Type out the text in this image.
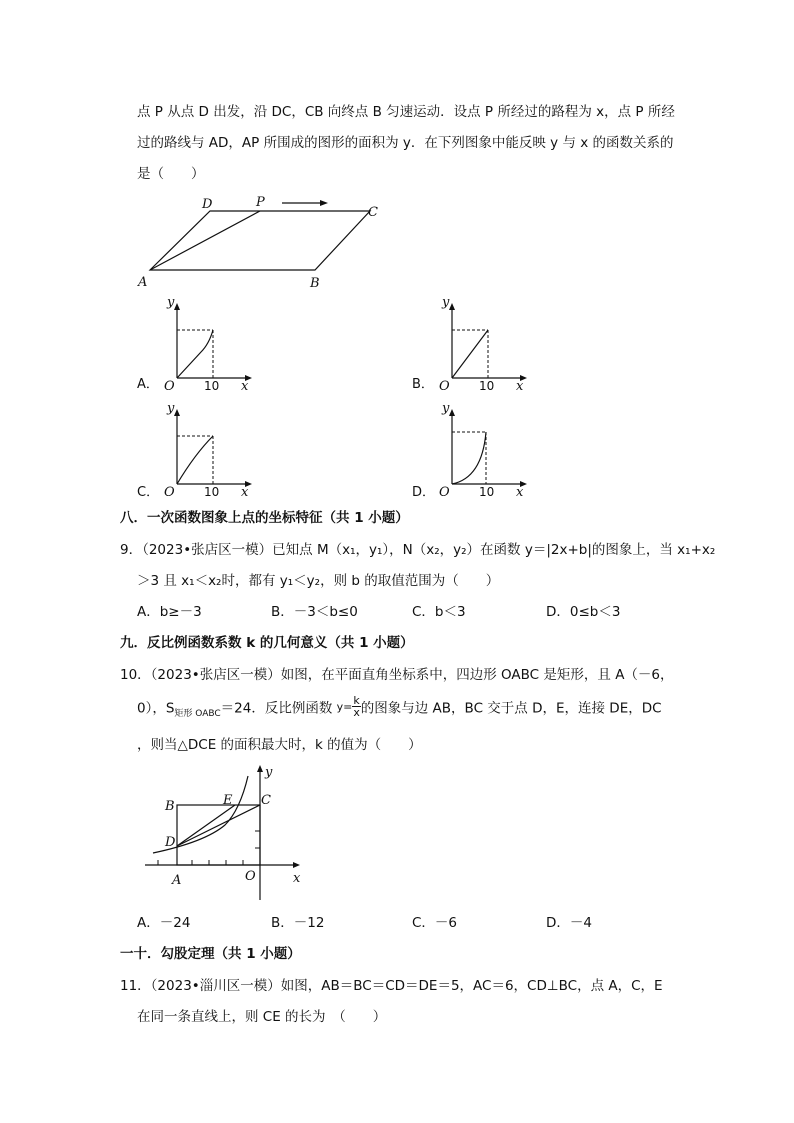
点 P 从点 D 出发，沿 DC，CB 向终点 B 匀速运动．设点 P 所经过的路程为 x，点 P 所经
过的路线与 AD，AP 所围成的图形的面积为 y．在下列图象中能反映 y 与 x 的函数关系的
是（　　）
D	P
C
A	B
A．
y
x
O 10	B．
y
x
O 10
C．
y
x
O 10	D．
y
x
O 10
八．一次函数图象上点的坐标特征（共 1 小题）
9．（2023•张店区一模）已知点 M（x₁，y₁），N（x₂，y₂）在函数 y＝|2x+b|的图象上，当 x₁+x₂
＞3 且 x₁＜x₂时，都有 y₁＜y₂，则 b 的取值范围为（　　）
A．b≥－3	B．－3＜b≤0	C．b＜3	D．0≤b＜3
九．反比例函数系数 k 的几何意义（共 1 小题）
10．（2023•张店区一模）如图，在平面直角坐标系中，四边形 OABC 是矩形，且 A（－6，
0），$S_{矩形 OABC}=24$．反比例函数 $y= \frac{k}{x}$ 的图象与边 AB，BC 交于点 D，E，连接 DE，DC
，则当△DCE 的面积最大时，k 的值为（　　）
B	E C
D
A	O	x
y
A．－24	B．－12	C．－6	D．－4
一十．勾股定理（共 1 小题）
11．（2023•淄川区一模）如图，AB＝BC＝CD＝DE＝5，AC＝6，CD⊥BC，点 A，C，E
在同一条直线上，则 CE 的长为　（　　）
